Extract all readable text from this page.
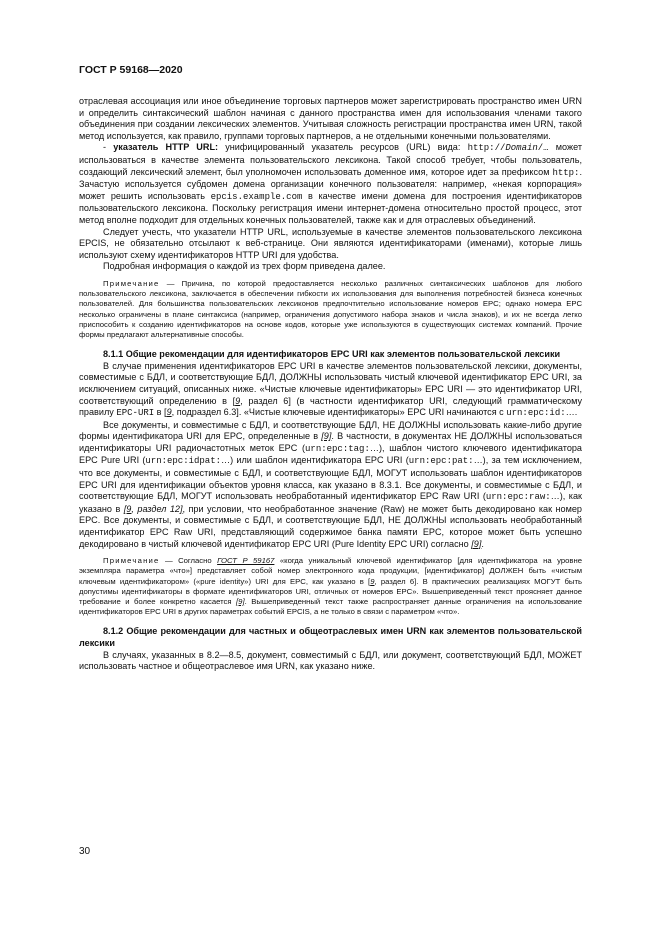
ГОСТ Р 59168—2020

отраслевая ассоциация или иное объединение торговых партнеров может зарегистрировать пространство имен URN и определить синтаксический шаблон начиная с данного пространства имен для использования членами такого объединения при создании лексических элементов. Учитывая сложность регистрации пространства имен URN, такой метод используется, как правило, группами торговых партнеров, а не отдельными конечными пользователями.

- указатель HTTP URL: унифицированный указатель ресурсов (URL) вида: http://Domain/… может использоваться в качестве элемента пользовательского лексикона. Такой способ требует, чтобы пользователь, создающий лексический элемент, был уполномочен использовать доменное имя, которое идет за префиксом http:. Зачастую используется субдомен домена организации конечного пользователя: например, «некая корпорация» может решить использовать epcis.example.com в качестве имени домена для построения идентификаторов пользовательского лексикона. Поскольку регистрация имени интернет-домена относительно простой процесс, этот метод вполне подходит для отдельных конечных пользователей, также как и для отраслевых объединений.

Следует учесть, что указатели HTTP URL, используемые в качестве элементов пользовательского лексикона EPCIS, не обязательно отсылают к веб-странице. Они являются идентификаторами (именами), которые лишь используют схему идентификаторов HTTP URI для удобства.

Подробная информация о каждой из трех форм приведена далее.

Примечание — Причина, по которой предоставляется несколько различных синтаксических шаблонов для любого пользовательского лексикона, заключается в обеспечении гибкости их использования для выполнения потребностей бизнеса конечных пользователей. Для большинства пользовательских лексиконов предпочтительно использование номеров EPC; однако номера EPC несколько ограничены в плане синтаксиса (например, ограничения допустимого набора знаков и числа знаков), и их не всегда легко приспособить к созданию идентификаторов на основе кодов, которые уже используются в существующих системах компаний. Прочие формы предлагают альтернативные способы.

8.1.1 Общие рекомендации для идентификаторов EPC URI как элементов пользовательской лексики

В случае применения идентификаторов EPC URI в качестве элементов пользовательской лексики, документы, совместимые с БДЛ, и соответствующие БДЛ, ДОЛЖНЫ использовать чистый ключевой идентификатор EPC URI, за исключением ситуаций, описанных ниже. «Чистые ключевые идентификаторы» EPC URI — это идентификатор URI, соответствующий определению в [9, раздел 6] (в частности идентификатор URI, следующий грамматическому правилу EPC-URI в [9, подраздел 6.3]. «Чистые ключевые идентификаторы» EPC URI начинаются с urn:epc:id:….

Все документы, и совместимые с БДЛ, и соответствующие БДЛ, НЕ ДОЛЖНЫ использовать какие-либо другие формы идентификатора URI для EPC, определенные в [9]. В частности, в документах НЕ ДОЛЖНЫ использоваться идентификаторы URI радиочастотных меток EPC (urn:epc:tag:…), шаблон чистого ключевого идентификатора EPC Pure URI (urn:epc:idpat:…) или шаблон идентификатора EPC URI (urn:epc:pat:…), за тем исключением, что все документы, и совместимые с БДЛ, и соответствующие БДЛ, МОГУТ использовать шаблон идентификаторов EPC URI для идентификации объектов уровня класса, как указано в 8.3.1. Все документы, и совместимые с БДЛ, и соответствующие БДЛ, МОГУТ использовать необработанный идентификатор EPC Raw URI (urn:epc:raw:…), как указано в [9, раздел 12], при условии, что необработанное значение (Raw) не может быть декодировано как номер EPC. Все документы, и совместимые с БДЛ, и соответствующие БДЛ, НЕ ДОЛЖНЫ использовать необработанный идентификатор EPC Raw URI, представляющий содержимое банка памяти EPC, которое может быть успешно декодировано в чистый ключевой идентификатор EPC URI (Pure Identity EPC URI) согласно [9].

Примечание — Согласно ГОСТ Р 59167 «когда уникальный ключевой идентификатор [для идентификатора на уровне экземпляра параметра «что»] представляет собой номер электронного кода продукции, [идентификатор] ДОЛЖЕН быть «чистым ключевым идентификатором» («pure identity») URI для EPC, как указано в [9, раздел 6]. В практических реализациях МОГУТ быть допустимы идентификаторы в формате идентификаторов URI, отличных от номеров EPC». Вышеприведенный текст проясняет данное требование и более конкретно касается [9]. Вышеприведенный текст также распространяет данные ограничения на использование идентификаторов EPC URI в других параметрах событий EPCIS, а не только в связи с параметром «что».

8.1.2 Общие рекомендации для частных и общеотраслевых имен URN как элементов пользовательской лексики

В случаях, указанных в 8.2—8.5, документ, совместимый с БДЛ, или документ, соответствующий БДЛ, МОЖЕТ использовать частное и общеотраслевое имя URN, как указано ниже.

30
